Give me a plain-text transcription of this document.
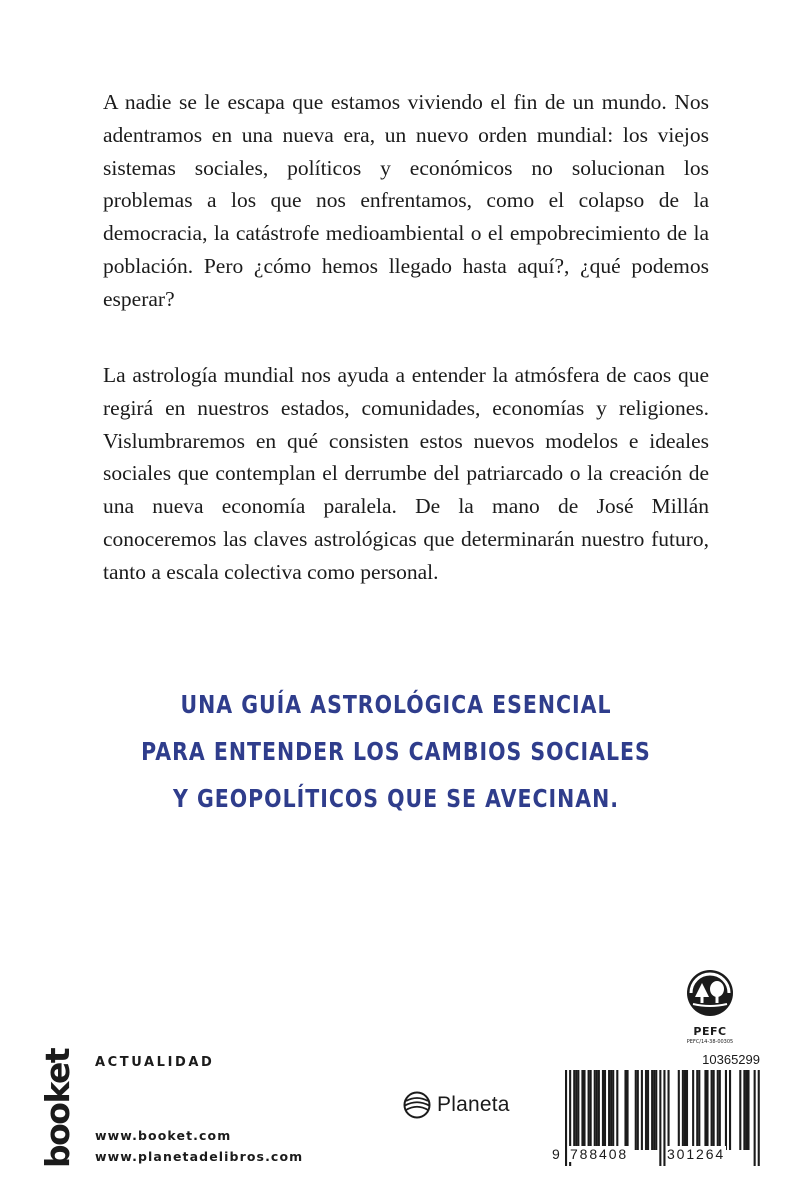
A nadie se le escapa que estamos viviendo el fin de un mundo. Nos adentramos en una nueva era, un nuevo orden mundial: los viejos sistemas sociales, políticos y económicos no solucionan los problemas a los que nos enfrentamos, como el colapso de la democracia, la catástrofe medioambiental o el empobrecimiento de la población. Pero ¿cómo hemos llegado hasta aquí?, ¿qué podemos esperar?

La astrología mundial nos ayuda a entender la atmósfera de caos que regirá en nuestros estados, comunidades, economías y religiones. Vislumbraremos en qué consisten estos nuevos modelos e ideales sociales que contemplan el derrumbe del patriarcado o la creación de una nueva economía paralela. De la mano de José Millán conoceremos las claves astrológicas que determinarán nuestro futuro, tanto a escala colectiva como personal.

UNA GUÍA ASTROLÓGICA ESENCIAL
PARA ENTENDER LOS CAMBIOS SOCIALES
Y GEOPOLÍTICOS QUE SE AVECINAN.
booket ACTUALIDAD
www.booket.com
www.planetadelibros.com
Planeta
PEFC
PEFC/14-38-00305
10365299
9 788408	301264
